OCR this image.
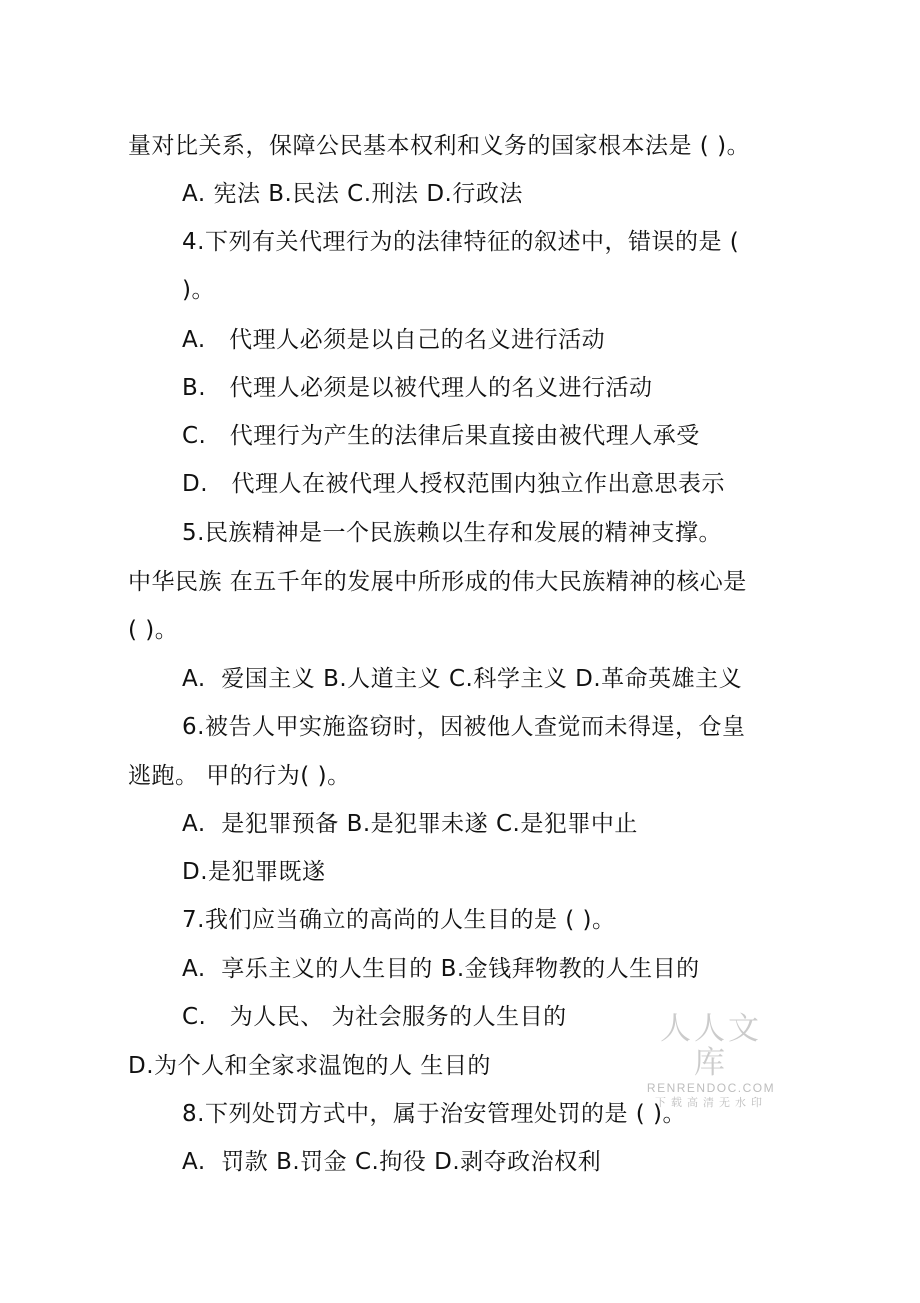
量对比关系，保障公民基本权利和义务的国家根本法是 ( )。
A. 宪法 B.民法 C.刑法 D.行政法
4.下列有关代理行为的法律特征的叙述中，错误的是 (
)。
A.   代理人必须是以自己的名义进行活动
B.   代理人必须是以被代理人的名义进行活动
C.   代理行为产生的法律后果直接由被代理人承受
D.   代理人在被代理人授权范围内独立作出意思表示
5.民族精神是一个民族赖以生存和发展的精神支撑。
中华民族 在五千年的发展中所形成的伟大民族精神的核心是
( )。
A.  爱国主义 B.人道主义 C.科学主义 D.革命英雄主义
6.被告人甲实施盗窃时，因被他人查觉而未得逞，仓皇
逃跑。 甲的行为( )。
A.  是犯罪预备 B.是犯罪未遂 C.是犯罪中止
D.是犯罪既遂
7.我们应当确立的高尚的人生目的是 ( )。
A.  享乐主义的人生目的 B.金钱拜物教的人生目的
C.   为人民、 为社会服务的人生目的
D.为个人和全家求温饱的人 生目的
8.下列处罚方式中，属于治安管理处罚的是 ( )。
A.  罚款 B.罚金 C.拘役 D.剥夺政治权利
人人文库
RENRENDOC.COM
下载高清无水印
